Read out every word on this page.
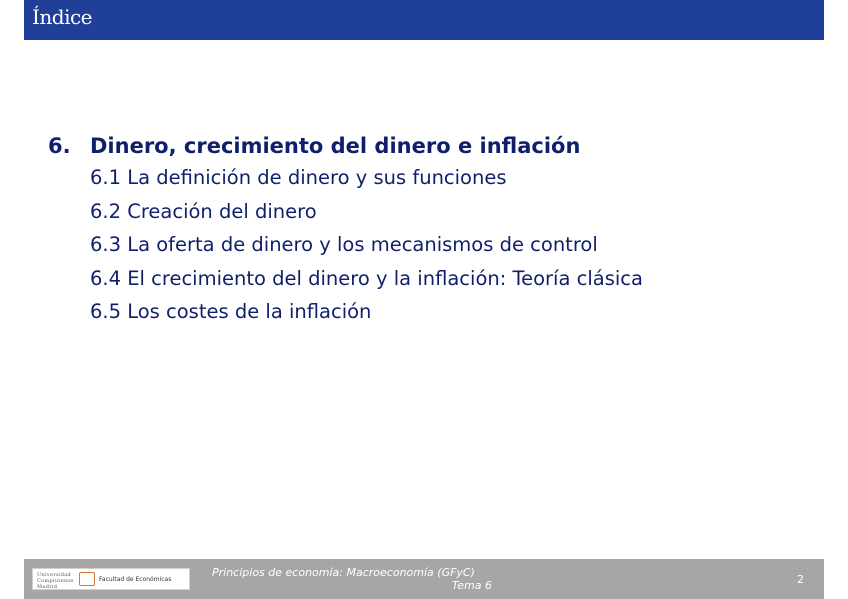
Índice
6. Dinero, crecimiento del dinero e inflación
6.1 La definición de dinero y sus funciones
6.2 Creación del dinero
6.3 La oferta de dinero y los mecanismos de control
6.4 El crecimiento del dinero y la inflación: Teoría clásica
6.5 Los costes de la inflación
Universidad Complutense Madrid
Facultad de Económicas
Principios de economía: Macroeconomía (GFyC)
Tema 6	2
